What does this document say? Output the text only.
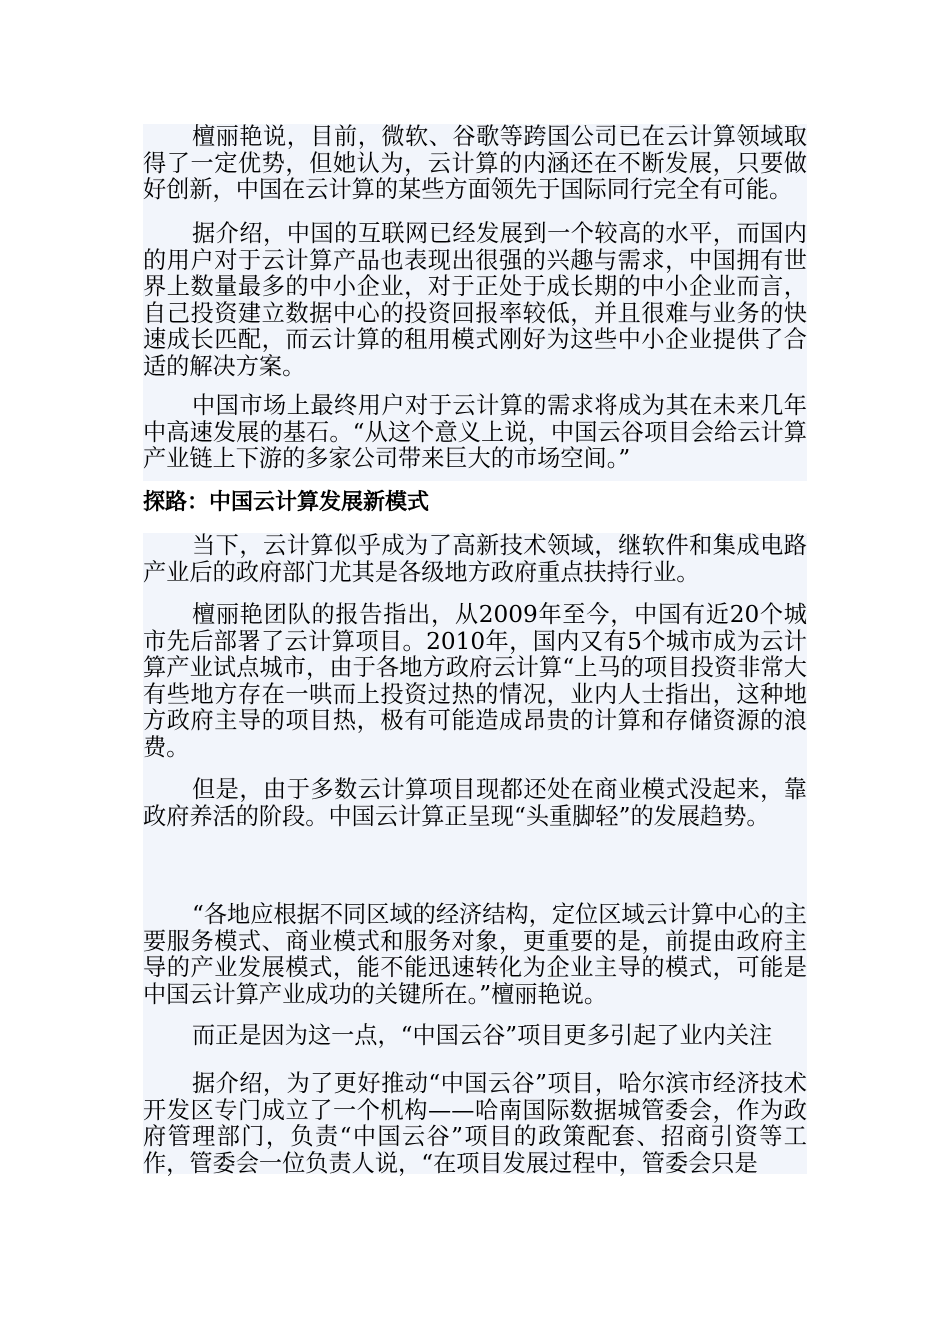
檀丽艳说，目前，微软、谷歌等跨国公司已在云计算领域取得了一定优势，但她认为，云计算的内涵还在不断发展，只要做好创新，中国在云计算的某些方面领先于国际同行完全有可能。

据介绍，中国的互联网已经发展到一个较高的水平，而国内的用户对于云计算产品也表现出很强的兴趣与需求，中国拥有世界上数量最多的中小企业，对于正处于成长期的中小企业而言，自己投资建立数据中心的投资回报率较低，并且很难与业务的快速成长匹配，而云计算的租用模式刚好为这些中小企业提供了合适的解决方案。

中国市场上最终用户对于云计算的需求将成为其在未来几年中高速发展的基石。“从这个意义上说，中国云谷项目会给云计算产业链上下游的多家公司带来巨大的市场空间。”

探路：中国云计算发展新模式

当下，云计算似乎成为了高新技术领域，继软件和集成电路产业后的政府部门尤其是各级地方政府重点扶持行业。

檀丽艳团队的报告指出，从2009年至今，中国有近20个城市先后部署了云计算项目。2010年，国内又有5个城市成为云计算产业试点城市，由于各地方政府云计算“上马的项目投资非常大有些地方存在一哄而上投资过热的情况，业内人士指出，这种地方政府主导的项目热，极有可能造成昂贵的计算和存储资源的浪费。

但是，由于多数云计算项目现都还处在商业模式没起来，靠政府养活的阶段。中国云计算正呈现“头重脚轻”的发展趋势。

“各地应根据不同区域的经济结构，定位区域云计算中心的主要服务模式、商业模式和服务对象，更重要的是，前提由政府主导的产业发展模式，能不能迅速转化为企业主导的模式，可能是中国云计算产业成功的关键所在。”檀丽艳说。

而正是因为这一点，“中国云谷”项目更多引起了业内关注

据介绍，为了更好推动“中国云谷”项目，哈尔滨市经济技术开发区专门成立了一个机构——哈南国际数据城管委会，作为政府管理部门，负责“中国云谷”项目的政策配套、招商引资等工作，管委会一位负责人说，“在项目发展过程中，管委会只是
